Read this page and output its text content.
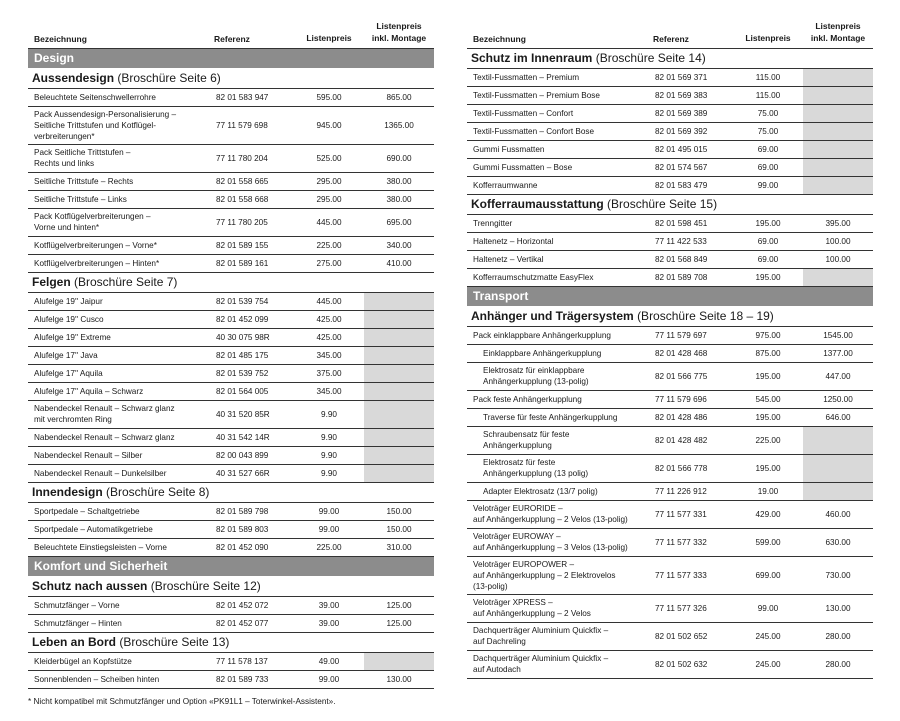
Bezeichnung	Referenz	Listenpreis	Listenpreis
inkl. Montage
Design			
Aussendesign (Broschüre Seite 6)			
Beleuchtete Seitenschwellerrohre	82 01 583 947	595.00	865.00
Pack Aussendesign-Personalisierung –
Seitliche Trittstufen und Kotflügel-
verbreiterungen*	77 11 579 698	945.00	1365.00
Pack Seitliche Trittstufen –
Rechts und links	77 11 780 204	525.00	690.00
Seitliche Trittstufe – Rechts	82 01 558 665	295.00	380.00
Seitliche Trittstufe – Links	82 01 558 668	295.00	380.00
Pack Kotflügelverbreiterungen –
Vorne und hinten*	77 11 780 205	445.00	695.00
Kotflügelverbreiterungen – Vorne*	82 01 589 155	225.00	340.00
Kotflügelverbreiterungen – Hinten*	82 01 589 161	275.00	410.00
Felgen (Broschüre Seite 7)			
Alufelge 19'' Jaipur	82 01 539 754	445.00	
Alufelge 19'' Cusco	82 01 452 099	425.00	
Alufelge 19'' Extreme	40 30 075 98R	425.00	
Alufelge 17'' Java	82 01 485 175	345.00	
Alufelge 17'' Aquila	82 01 539 752	375.00	
Alufelge 17'' Aquila – Schwarz	82 01 564 005	345.00	
Nabendeckel Renault – Schwarz glanz
mit verchromten Ring	40 31 520 85R	9.90	
Nabendeckel Renault – Schwarz glanz	40 31 542 14R	9.90	
Nabendeckel Renault – Silber	82 00 043 899	9.90	
Nabendeckel Renault – Dunkelsilber	40 31 527 66R	9.90	
Innendesign (Broschüre Seite 8)			
Sportpedale – Schaltgetriebe	82 01 589 798	99.00	150.00
Sportpedale – Automatikgetriebe	82 01 589 803	99.00	150.00
Beleuchtete Einstiegsleisten – Vorne	82 01 452 090	225.00	310.00
Komfort und Sicherheit			
Schutz nach aussen (Broschüre Seite 12)			
Schmutzfänger – Vorne	82 01 452 072	39.00	125.00
Schmutzfänger – Hinten	82 01 452 077	39.00	125.00
Leben an Bord (Broschüre Seite 13)			
Kleiderbügel an Kopfstütze	77 11 578 137	49.00	
Sonnenblenden – Scheiben hinten	82 01 589 733	99.00	130.00
Bezeichnung	Referenz	Listenpreis	Listenpreis
inkl. Montage
Schutz im Innenraum (Broschüre Seite 14)			
Textil-Fussmatten – Premium	82 01 569 371	115.00	
Textil-Fussmatten – Premium Bose	82 01 569 383	115.00	
Textil-Fussmatten – Confort	82 01 569 389	75.00	
Textil-Fussmatten – Confort Bose	82 01 569 392	75.00	
Gummi Fussmatten	82 01 495 015	69.00	
Gummi Fussmatten – Bose	82 01 574 567	69.00	
Kofferraumwanne	82 01 583 479	99.00	
Kofferraumausstattung (Broschüre Seite 15)			
Trenngitter	82 01 598 451	195.00	395.00
Haltenetz – Horizontal	77 11 422 533	69.00	100.00
Haltenetz – Vertikal	82 01 568 849	69.00	100.00
Kofferraumschutzmatte EasyFlex	82 01 589 708	195.00	
Transport			
Anhänger und Trägersystem (Broschüre Seite 18 – 19)			
Pack einklappbare Anhängerkupplung	77 11 579 697	975.00	1545.00
Einklappbare Anhängerkupplung	82 01 428 468	875.00	1377.00
Elektrosatz für einklappbare
Anhängerkupplung (13-polig)	82 01 566 775	195.00	447.00
Pack feste Anhängerkupplung	77 11 579 696	545.00	1250.00
Traverse für feste Anhängerkupplung	82 01 428 486	195.00	646.00
Schraubensatz für feste
Anhängerkupplung	82 01 428 482	225.00	
Elektrosatz für feste
Anhängerkupplung (13 polig)	82 01 566 778	195.00	
Adapter Elektrosatz (13/7 polig)	77 11 226 912	19.00	
Veloträger EURORIDE –
auf Anhängerkupplung – 2 Velos (13-polig)	77 11 577 331	429.00	460.00
Veloträger EUROWAY –
auf Anhängerkupplung – 3 Velos (13-polig)	77 11 577 332	599.00	630.00
Veloträger EUROPOWER –
auf Anhängerkupplung – 2 Elektrovelos
(13-polig)	77 11 577 333	699.00	730.00
Veloträger XPRESS –
auf Anhängerkupplung – 2 Velos	77 11 577 326	99.00	130.00
Dachquerträger Aluminium Quickfix –
auf Dachreling	82 01 502 652	245.00	280.00
Dachquerträger Aluminium Quickfix –
auf Autodach	82 01 502 632	245.00	280.00
* Nicht kompatibel mit Schmutzfänger und Option «PK91L1 – Toterwinkel-Assistent».
